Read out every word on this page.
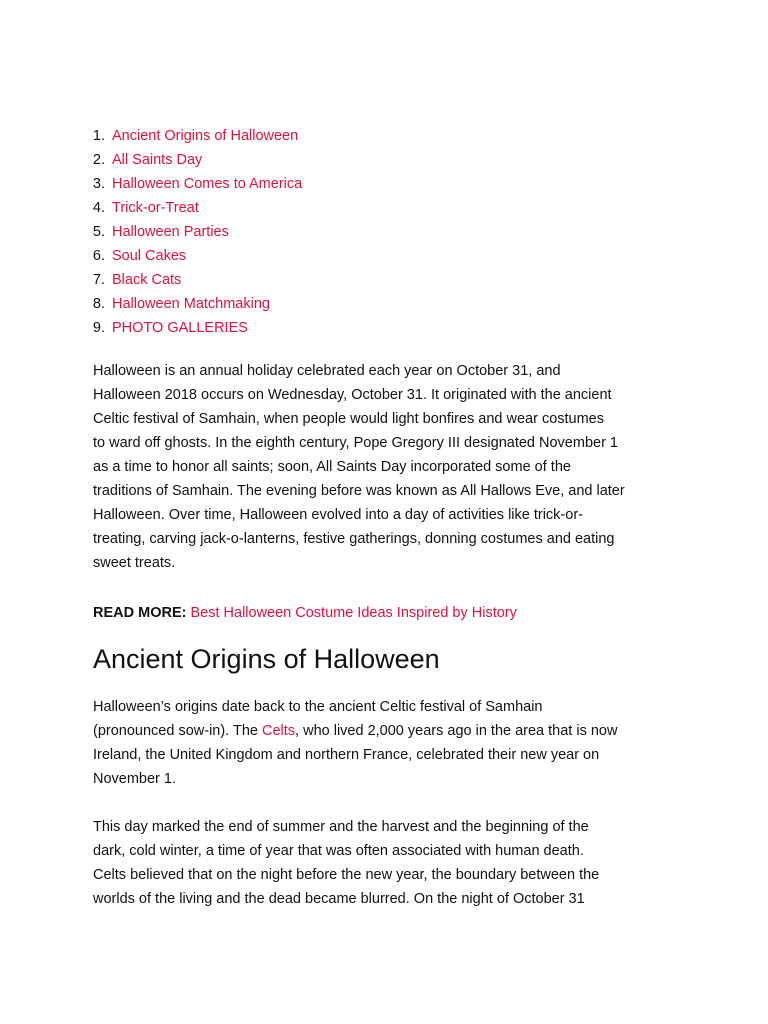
1. Ancient Origins of Halloween
2. All Saints Day
3. Halloween Comes to America
4. Trick-or-Treat
5. Halloween Parties
6. Soul Cakes
7. Black Cats
8. Halloween Matchmaking
9. PHOTO GALLERIES

Halloween is an annual holiday celebrated each year on October 31, and
Halloween 2018 occurs on Wednesday, October 31. It originated with the ancient
Celtic festival of Samhain, when people would light bonfires and wear costumes
to ward off ghosts. In the eighth century, Pope Gregory III designated November 1
as a time to honor all saints; soon, All Saints Day incorporated some of the
traditions of Samhain. The evening before was known as All Hallows Eve, and later
Halloween. Over time, Halloween evolved into a day of activities like trick-or-
treating, carving jack-o-lanterns, festive gatherings, donning costumes and eating
sweet treats.

READ MORE: Best Halloween Costume Ideas Inspired by History
Ancient Origins of Halloween

Halloween’s origins date back to the ancient Celtic festival of Samhain
(pronounced sow-in). The Celts, who lived 2,000 years ago in the area that is now
Ireland, the United Kingdom and northern France, celebrated their new year on
November 1.

This day marked the end of summer and the harvest and the beginning of the
dark, cold winter, a time of year that was often associated with human death.
Celts believed that on the night before the new year, the boundary between the
worlds of the living and the dead became blurred. On the night of October 31
